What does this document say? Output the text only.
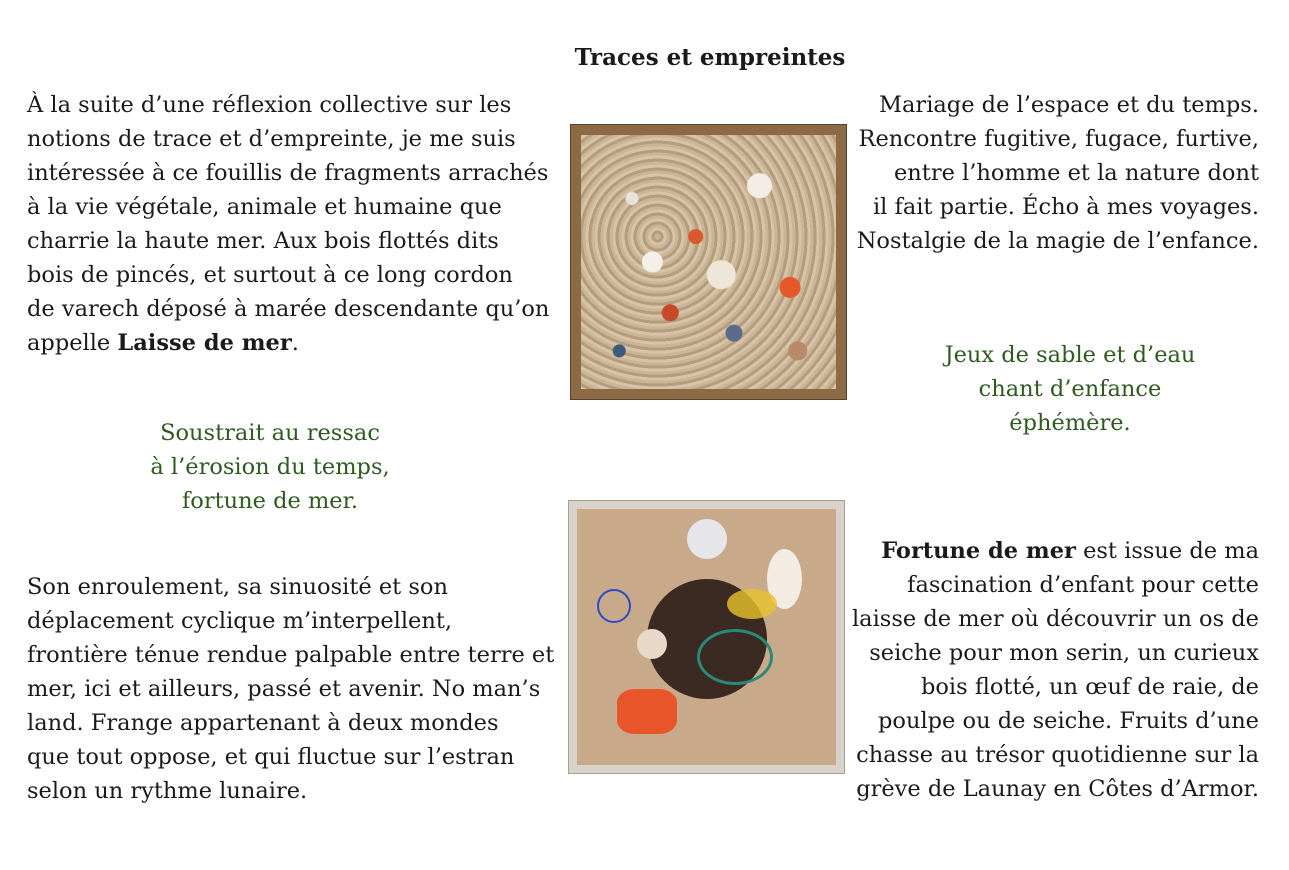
Traces et empreintes

À la suite d’une réflexion collective sur les
notions de trace et d’empreinte, je me suis
intéressée à ce fouillis de fragments arrachés
à la vie végétale, animale et humaine que
charrie la haute mer. Aux bois flottés dits
bois de pincés, et surtout à ce long cordon
de varech déposé à marée descendante qu’on
appelle Laisse de mer.

Soustrait au ressac
à l’érosion du temps,
fortune de mer.

Son enroulement, sa sinuosité et son
déplacement cyclique m’interpellent,
frontière ténue rendue palpable entre terre et
mer, ici et ailleurs, passé et avenir. No man’s
land. Frange appartenant à deux mondes
que tout oppose, et qui fluctue sur l’estran
selon un rythme lunaire.

Mariage de l’espace et du temps.
Rencontre fugitive, fugace, furtive,
entre l’homme et la nature dont
il fait partie. Écho à mes voyages.
Nostalgie de la magie de l’enfance.

Jeux de sable et d’eau
chant d’enfance
éphémère.

Fortune de mer est issue de ma
fascination d’enfant pour cette
laisse de mer où découvrir un os de
seiche pour mon serin, un curieux
bois flotté, un œuf de raie, de
poulpe ou de seiche. Fruits d’une
chasse au trésor quotidienne sur la
grève de Launay en Côtes d’Armor.
